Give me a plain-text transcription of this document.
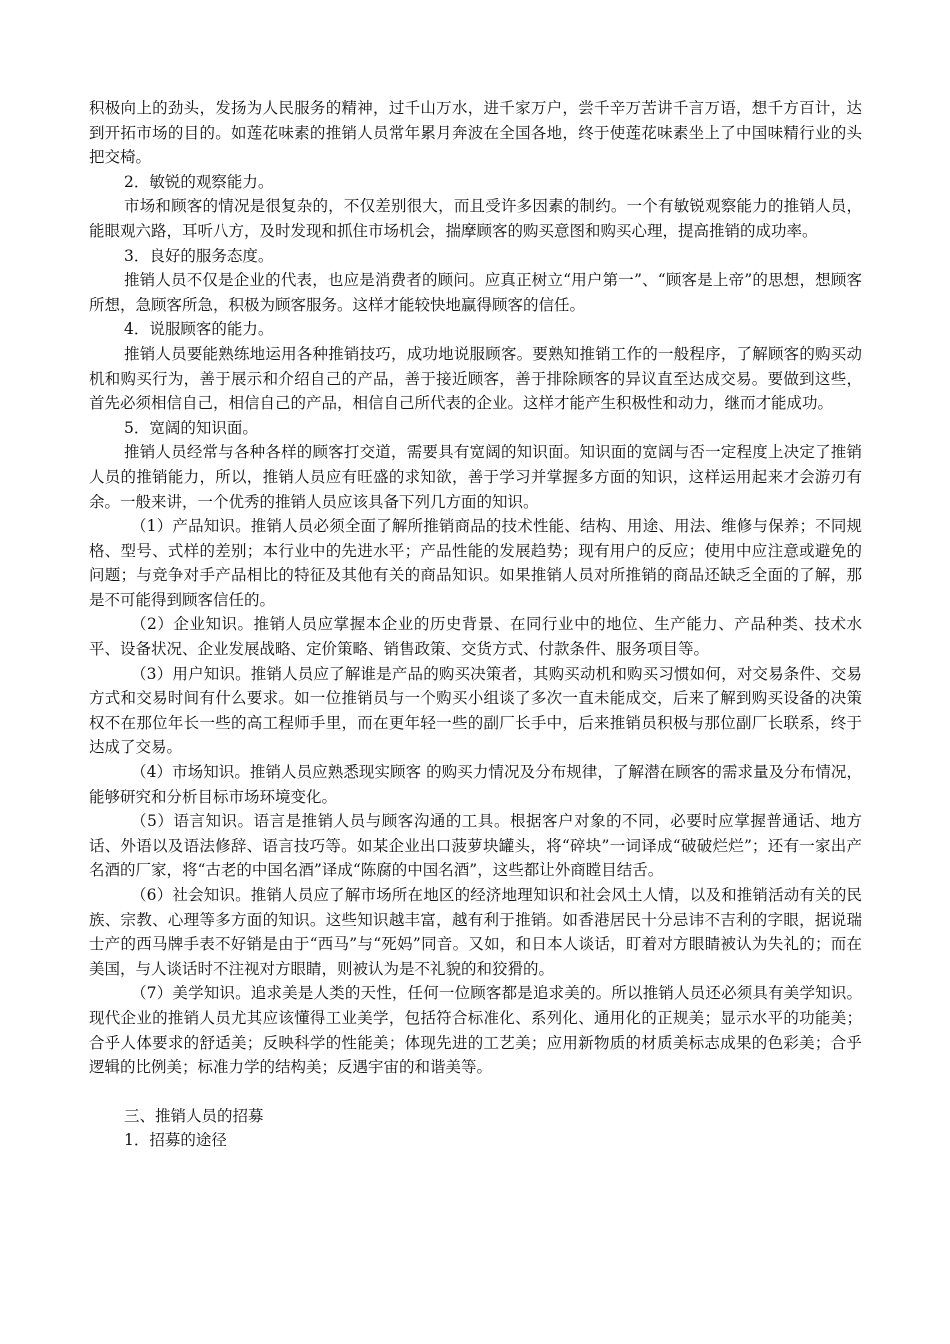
积极向上的劲头，发扬为人民服务的精神，过千山万水，进千家万户，尝千辛万苦讲千言万语，想千方百计，达到开拓市场的目的。如莲花味素的推销人员常年累月奔波在全国各地，终于使莲花味素坐上了中国味精行业的头把交椅。

2．敏锐的观察能力。

市场和顾客的情况是很复杂的，不仅差别很大，而且受许多因素的制约。一个有敏锐观察能力的推销人员，能眼观六路，耳听八方，及时发现和抓住市场机会，揣摩顾客的购买意图和购买心理，提高推销的成功率。

3．良好的服务态度。

推销人员不仅是企业的代表，也应是消费者的顾问。应真正树立“用户第一”、“顾客是上帝”的思想，想顾客所想，急顾客所急，积极为顾客服务。这样才能较快地赢得顾客的信任。

4．说服顾客的能力。

推销人员要能熟练地运用各种推销技巧，成功地说服顾客。要熟知推销工作的一般程序，了解顾客的购买动机和购买行为，善于展示和介绍自己的产品，善于接近顾客，善于排除顾客的异议直至达成交易。要做到这些，首先必须相信自己，相信自己的产品，相信自己所代表的企业。这样才能产生积极性和动力，继而才能成功。

5．宽阔的知识面。

推销人员经常与各种各样的顾客打交道，需要具有宽阔的知识面。知识面的宽阔与否一定程度上决定了推销人员的推销能力，所以，推销人员应有旺盛的求知欲，善于学习并掌握多方面的知识，这样运用起来才会游刃有余。一般来讲，一个优秀的推销人员应该具备下列几方面的知识。

（1）产品知识。推销人员必须全面了解所推销商品的技术性能、结构、用途、用法、维修与保养；不同规格、型号、式样的差别；本行业中的先进水平；产品性能的发展趋势；现有用户的反应；使用中应注意或避免的问题；与竞争对手产品相比的特征及其他有关的商品知识。如果推销人员对所推销的商品还缺乏全面的了解，那是不可能得到顾客信任的。

（2）企业知识。推销人员应掌握本企业的历史背景、在同行业中的地位、生产能力、产品种类、技术水平、设备状况、企业发展战略、定价策略、销售政策、交货方式、付款条件、服务项目等。

（3）用户知识。推销人员应了解谁是产品的购买决策者，其购买动机和购买习惯如何，对交易条件、交易方式和交易时间有什么要求。如一位推销员与一个购买小组谈了多次一直未能成交，后来了解到购买设备的决策权不在那位年长一些的高工程师手里，而在更年轻一些的副厂长手中，后来推销员积极与那位副厂长联系，终于达成了交易。

（4）市场知识。推销人员应熟悉现实顾客 的购买力情况及分布规律，了解潜在顾客的需求量及分布情况，能够研究和分析目标市场环境变化。

（5）语言知识。语言是推销人员与顾客沟通的工具。根据客户对象的不同，必要时应掌握普通话、地方话、外语以及语法修辞、语言技巧等。如某企业出口菠萝块罐头，将“碎块”一词译成“破破烂烂”；还有一家出产名酒的厂家，将“古老的中国名酒”译成“陈腐的中国名酒”，这些都让外商瞠目结舌。

（6）社会知识。推销人员应了解市场所在地区的经济地理知识和社会风土人情，以及和推销活动有关的民族、宗教、心理等多方面的知识。这些知识越丰富，越有利于推销。如香港居民十分忌讳不吉利的字眼，据说瑞士产的西马牌手表不好销是由于“西马”与“死妈”同音。又如，和日本人谈话，盯着对方眼睛被认为失礼的；而在美国，与人谈话时不注视对方眼睛，则被认为是不礼貌的和狡猾的。

（7）美学知识。追求美是人类的天性，任何一位顾客都是追求美的。所以推销人员还必须具有美学知识。现代企业的推销人员尤其应该懂得工业美学，包括符合标准化、系列化、通用化的正规美；显示水平的功能美；合乎人体要求的舒适美；反映科学的性能美；体现先进的工艺美；应用新物质的材质美标志成果的色彩美；合乎逻辑的比例美；标准力学的结构美；反遇宇宙的和谐美等。

三、推销人员的招募

1．招募的途径
